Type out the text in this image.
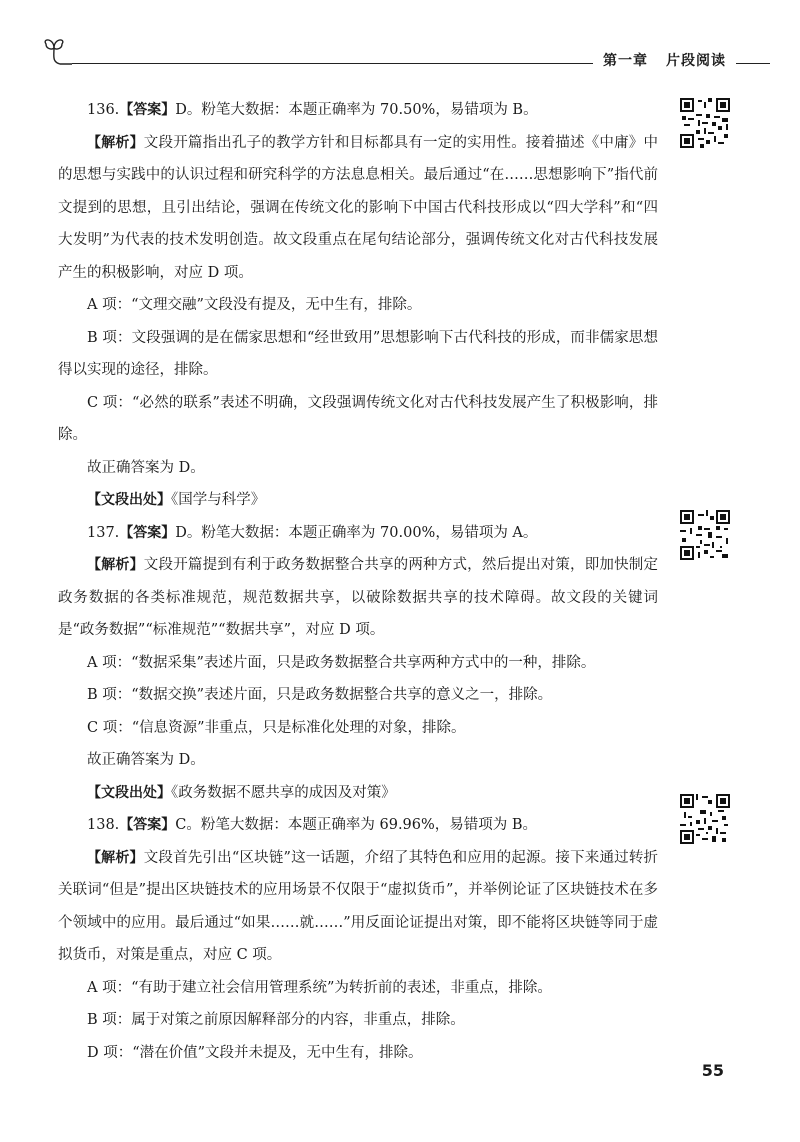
第一章 片段阅读

136.【答案】D。粉笔大数据：本题正确率为 70.50%，易错项为 B。

【解析】文段开篇指出孔子的教学方针和目标都具有一定的实用性。接着描述《中庸》中的思想与实践中的认识过程和研究科学的方法息息相关。最后通过“在……思想影响下”指代前文提到的思想，且引出结论，强调在传统文化的影响下中国古代科技形成以“四大学科”和“四大发明”为代表的技术发明创造。故文段重点在尾句结论部分，强调传统文化对古代科技发展产生的积极影响，对应 D 项。

A 项：“文理交融”文段没有提及，无中生有，排除。

B 项：文段强调的是在儒家思想和“经世致用”思想影响下古代科技的形成，而非儒家思想得以实现的途径，排除。

C 项：“必然的联系”表述不明确，文段强调传统文化对古代科技发展产生了积极影响，排除。

故正确答案为 D。

【文段出处】《国学与科学》

137.【答案】D。粉笔大数据：本题正确率为 70.00%，易错项为 A。

【解析】文段开篇提到有利于政务数据整合共享的两种方式，然后提出对策，即加快制定政务数据的各类标准规范，规范数据共享，以破除数据共享的技术障碍。故文段的关键词是“政务数据”“标准规范”“数据共享”，对应 D 项。

A 项：“数据采集”表述片面，只是政务数据整合共享两种方式中的一种，排除。

B 项：“数据交换”表述片面，只是政务数据整合共享的意义之一，排除。

C 项：“信息资源”非重点，只是标准化处理的对象，排除。

故正确答案为 D。

【文段出处】《政务数据不愿共享的成因及对策》

138.【答案】C。粉笔大数据：本题正确率为 69.96%，易错项为 B。

【解析】文段首先引出“区块链”这一话题，介绍了其特色和应用的起源。接下来通过转折关联词“但是”提出区块链技术的应用场景不仅限于“虚拟货币”，并举例论证了区块链技术在多个领域中的应用。最后通过“如果……就……”用反面论证提出对策，即不能将区块链等同于虚拟货币，对策是重点，对应 C 项。

A 项：“有助于建立社会信用管理系统”为转折前的表述，非重点，排除。

B 项：属于对策之前原因解释部分的内容，非重点，排除。

D 项：“潜在价值”文段并未提及，无中生有，排除。

55
